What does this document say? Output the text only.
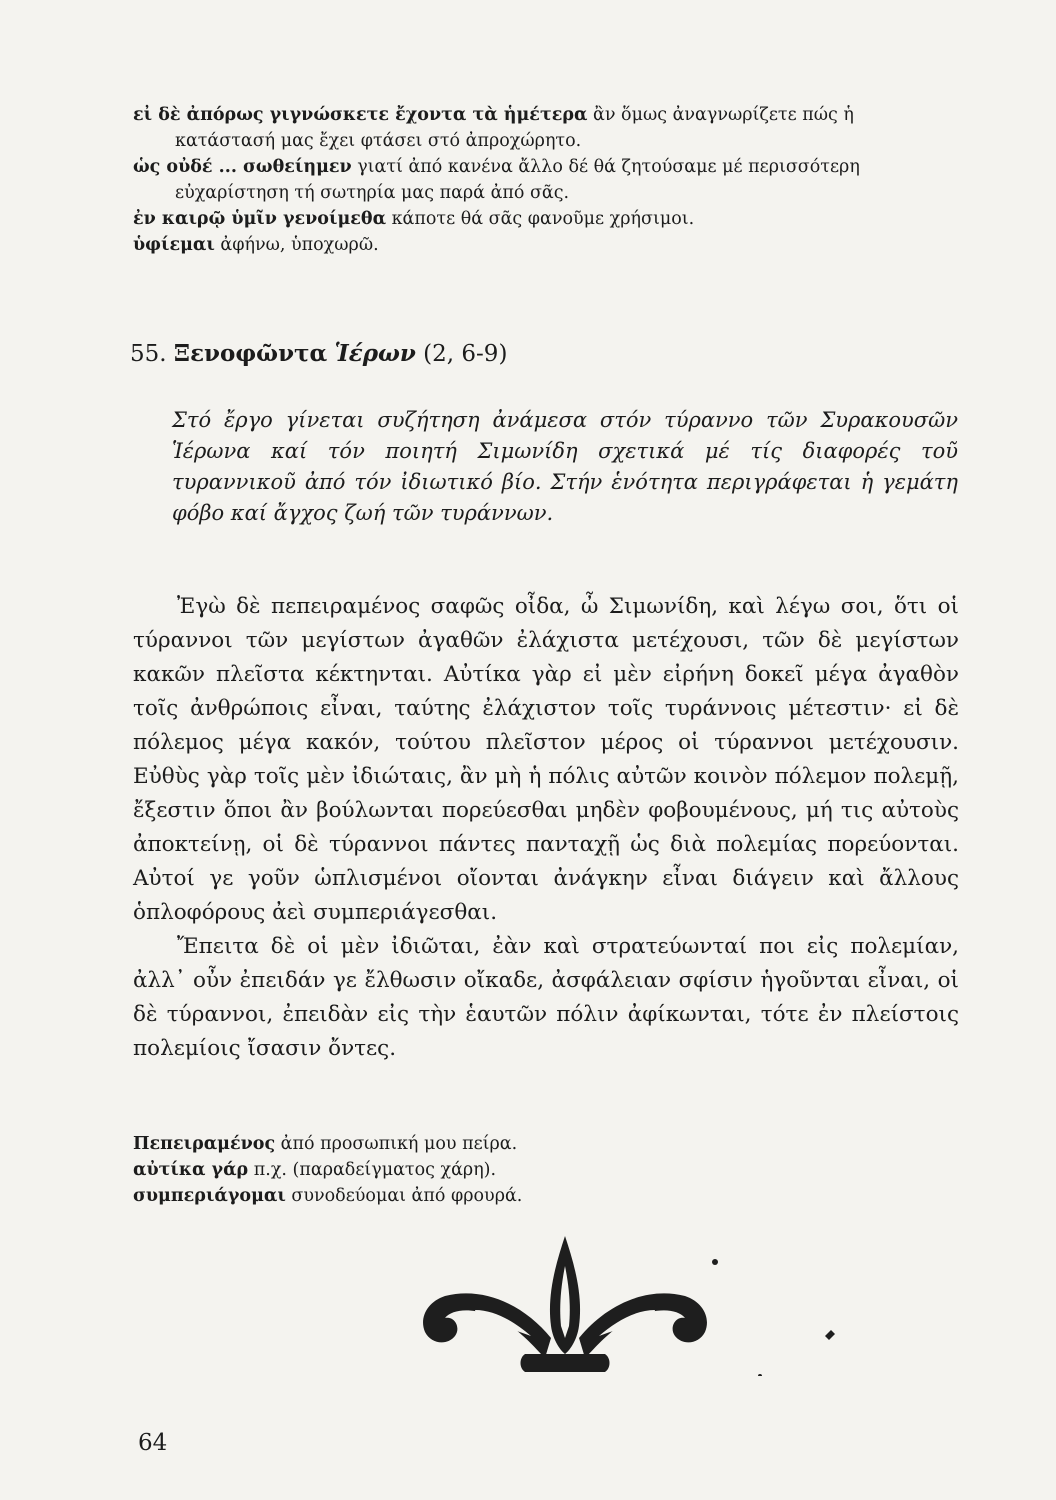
εἰ δὲ ἀπόρως γιγνώσκετε ἔχοντα τὰ ἡμέτερα ἂν ὅμως ἀναγνωρίζετε πώς ἡ κατάστασή μας ἔχει φτάσει στό ἀπροχώρητο.

ὡς οὐδέ ... σωθείημεν γιατί ἀπό κανένα ἄλλο δέ θά ζητούσαμε μέ περισσότερη εὐχαρίστηση τή σωτηρία μας παρά ἀπό σᾶς.

ἐν καιρῷ ὑμῖν γενοίμεθα κάποτε θά σᾶς φανοῦμε χρήσιμοι.

ὑφίεμαι ἀφήνω, ὑποχωρῶ.

55. Ξενοφῶντα Ἱέρων (2, 6-9)
Στό ἔργο γίνεται συζήτηση ἀνάμεσα στόν τύραννο τῶν Συρακουσῶν Ἱέρωνα καί τόν ποιητή Σιμωνίδη σχετικά μέ τίς διαφορές τοῦ τυραννικοῦ ἀπό τόν ἰδιωτικό βίο. Στήν ἑνότητα περιγράφεται ἡ γεμάτη φόβο καί ἄγχος ζωή τῶν τυράννων.

Ἐγὼ δὲ πεπειραμένος σαφῶς οἶδα, ὦ Σιμωνίδη, καὶ λέγω σοι, ὅτι οἱ τύραννοι τῶν μεγίστων ἀγαθῶν ἐλάχιστα μετέχουσι, τῶν δὲ μεγίστων κακῶν πλεῖστα κέκτηνται. Αὐτίκα γὰρ εἰ μὲν εἰρήνη δοκεῖ μέγα ἀγαθὸν τοῖς ἀνθρώποις εἶναι, ταύτης ἐλάχιστον τοῖς τυράννοις μέτεστιν· εἰ δὲ πόλεμος μέγα κακόν, τούτου πλεῖστον μέρος οἱ τύραννοι μετέχουσιν. Εὐθὺς γὰρ τοῖς μὲν ἰδιώταις, ἂν μὴ ἡ πόλις αὐτῶν κοινὸν πόλεμον πολεμῇ, ἔξεστιν ὅποι ἂν βούλωνται πορεύεσθαι μηδὲν φοβουμένους, μή τις αὐτοὺς ἀποκτείνῃ, οἱ δὲ τύραννοι πάντες πανταχῇ ὡς διὰ πολεμίας πορεύονται. Αὐτοί γε γοῦν ὡπλισμένοι οἴονται ἀνάγκην εἶναι διάγειν καὶ ἄλλους ὁπλοφόρους ἀεὶ συμπεριάγεσθαι.

Ἔπειτα δὲ οἱ μὲν ἰδιῶται, ἐὰν καὶ στρατεύωνταί ποι εἰς πολεμίαν, ἀλλ᾽ οὖν ἐπειδάν γε ἔλθωσιν οἴκαδε, ἀσφάλειαν σφίσιν ἡγοῦνται εἶναι, οἱ δὲ τύραννοι, ἐπειδὰν εἰς τὴν ἑαυτῶν πόλιν ἀφίκωνται, τότε ἐν πλείστοις πολεμίοις ἴσασιν ὄντες.

Πεπειραμένος ἀπό προσωπική μου πείρα.

αὐτίκα γάρ π.χ. (παραδείγματος χάρη).

συμπεριάγομαι συνοδεύομαι ἀπό φρουρά.

64
